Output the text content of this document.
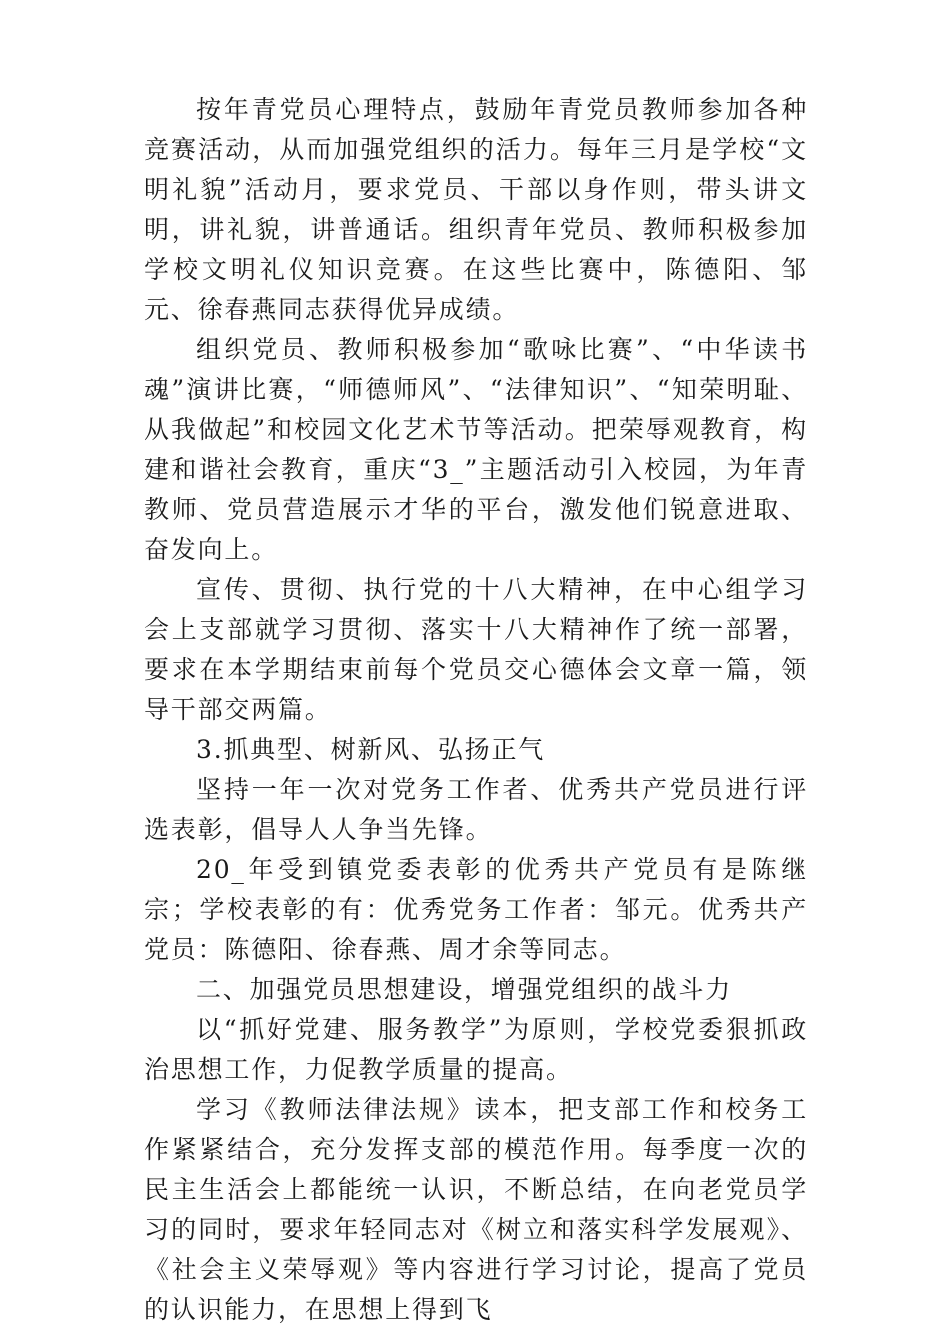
按年青党员心理特点，鼓励年青党员教师参加各种竞赛活动，从而加强党组织的活力。每年三月是学校“文明礼貌”活动月，要求党员、干部以身作则，带头讲文明，讲礼貌，讲普通话。组织青年党员、教师积极参加学校文明礼仪知识竞赛。在这些比赛中，陈德阳、邹元、徐春燕同志获得优异成绩。

组织党员、教师积极参加“歌咏比赛”、“中华读书魂”演讲比赛，“师德师风”、“法律知识”、“知荣明耻、从我做起”和校园文化艺术节等活动。把荣辱观教育，构建和谐社会教育，重庆“3_”主题活动引入校园，为年青教师、党员营造展示才华的平台，激发他们锐意进取、奋发向上。

宣传、贯彻、执行党的十八大精神，在中心组学习会上支部就学习贯彻、落实十八大精神作了统一部署，要求在本学期结束前每个党员交心德体会文章一篇，领导干部交两篇。

3.抓典型、树新风、弘扬正气

坚持一年一次对党务工作者、优秀共产党员进行评选表彰，倡导人人争当先锋。

20_年受到镇党委表彰的优秀共产党员有是陈继宗；学校表彰的有：优秀党务工作者：邹元。优秀共产党员：陈德阳、徐春燕、周才余等同志。

二、加强党员思想建设，增强党组织的战斗力

以“抓好党建、服务教学”为原则，学校党委狠抓政治思想工作，力促教学质量的提高。

学习《教师法律法规》读本，把支部工作和校务工作紧紧结合，充分发挥支部的模范作用。每季度一次的民主生活会上都能统一认识，不断总结，在向老党员学习的同时，要求年轻同志对《树立和落实科学发展观》、《社会主义荣辱观》等内容进行学习讨论，提高了党员的认识能力，在思想上得到飞
